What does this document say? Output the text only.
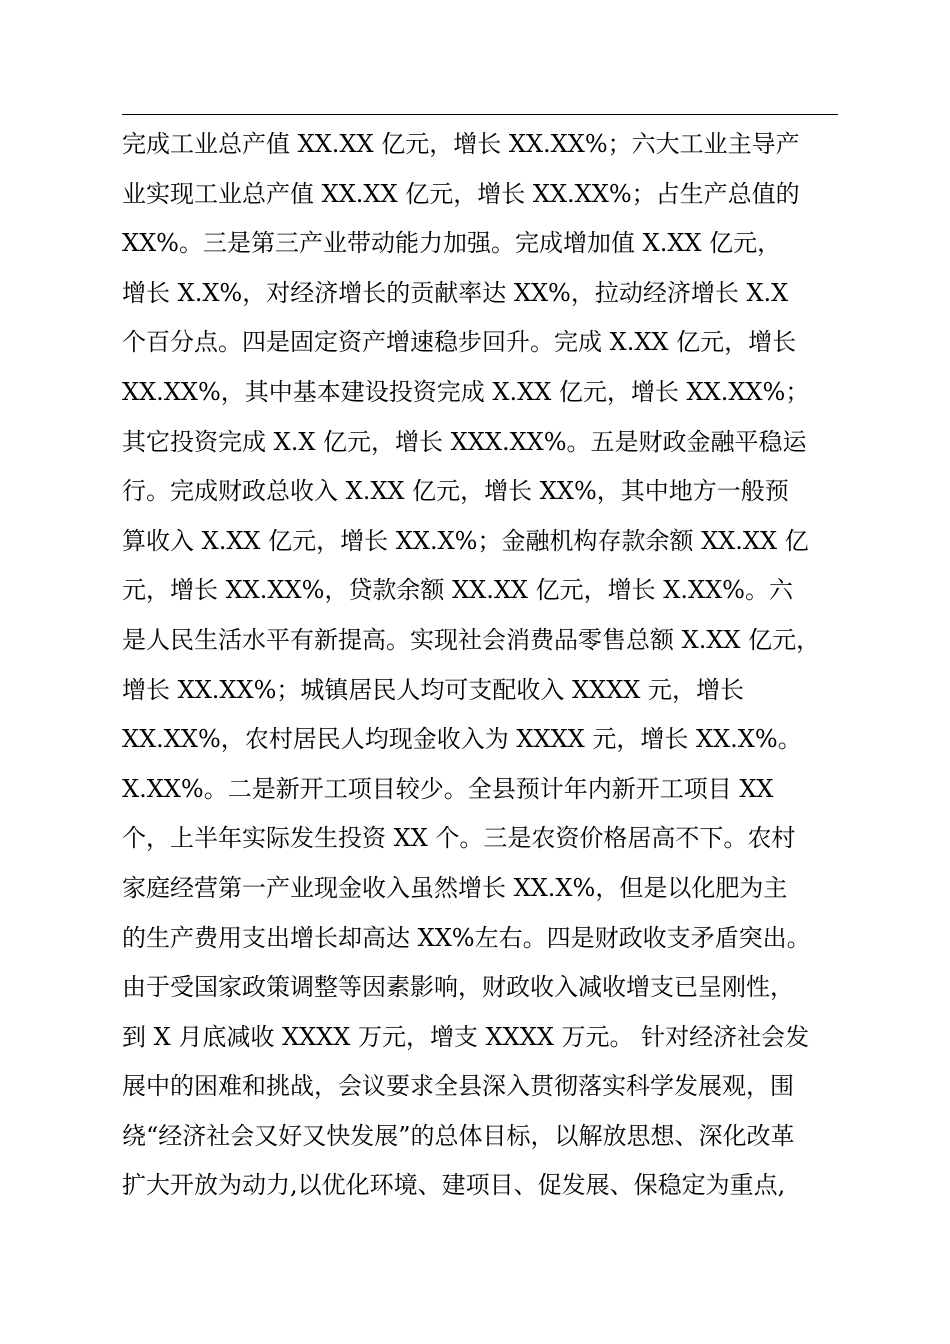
完成工业总产值 XX.XX 亿元，增长 XX.XX%；六大工业主导产
业实现工业总产值 XX.XX 亿元，增长 XX.XX%；占生产总值的
XX%。三是第三产业带动能力加强。完成增加值 X.XX 亿元，
增长 X.X%，对经济增长的贡献率达 XX%，拉动经济增长 X.X
个百分点。四是固定资产增速稳步回升。完成 X.XX 亿元，增长
XX.XX%，其中基本建设投资完成 X.XX 亿元，增长 XX.XX%；
其它投资完成 X.X 亿元，增长 XXX.XX%。五是财政金融平稳运
行。完成财政总收入 X.XX 亿元，增长 XX%，其中地方一般预
算收入 X.XX 亿元，增长 XX.X%；金融机构存款余额 XX.XX 亿
元，增长 XX.XX%，贷款余额 XX.XX 亿元，增长 X.XX%。六
是人民生活水平有新提高。实现社会消费品零售总额 X.XX 亿元，
增长 XX.XX%；城镇居民人均可支配收入 XXXX 元，增长
XX.XX%，农村居民人均现金收入为 XXXX 元，增长 XX.X%。
X.XX%。二是新开工项目较少。全县预计年内新开工项目 XX
个，上半年实际发生投资 XX 个。三是农资价格居高不下。农村
家庭经营第一产业现金收入虽然增长 XX.X%，但是以化肥为主
的生产费用支出增长却高达 XX%左右。四是财政收支矛盾突出。
由于受国家政策调整等因素影响，财政收入减收增支已呈刚性，
到 X 月底减收 XXXX 万元，增支 XXXX 万元。 针对经济社会发
展中的困难和挑战，会议要求全县深入贯彻落实科学发展观，围
绕“经济社会又好又快发展”的总体目标，以解放思想、深化改革
扩大开放为动力,以优化环境、建项目、促发展、保稳定为重点,
